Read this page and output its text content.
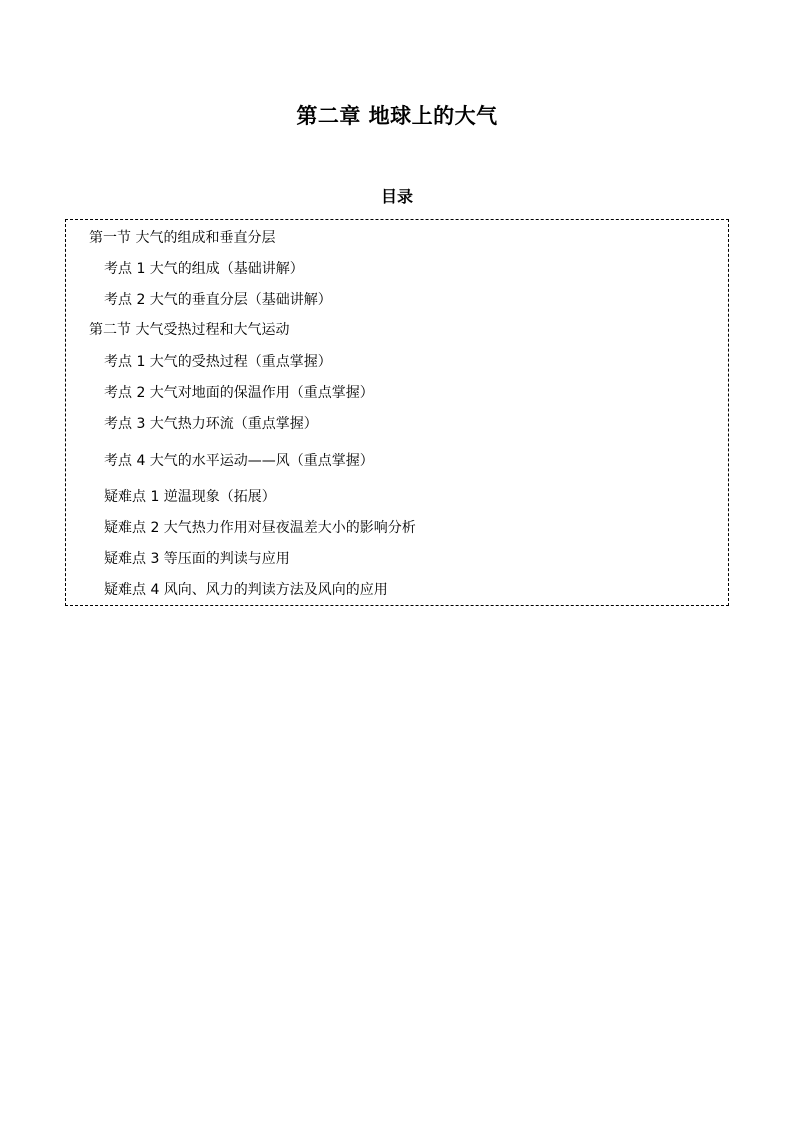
第二章 地球上的大气
目录
第一节 大气的组成和垂直分层
考点 1 大气的组成（基础讲解）
考点 2 大气的垂直分层（基础讲解）
第二节 大气受热过程和大气运动
考点 1 大气的受热过程（重点掌握）
考点 2 大气对地面的保温作用（重点掌握）
考点 3 大气热力环流（重点掌握）
考点 4 大气的水平运动——风（重点掌握）
疑难点 1 逆温现象（拓展）
疑难点 2 大气热力作用对昼夜温差大小的影响分析
疑难点 3 等压面的判读与应用
疑难点 4 风向、风力的判读方法及风向的应用
